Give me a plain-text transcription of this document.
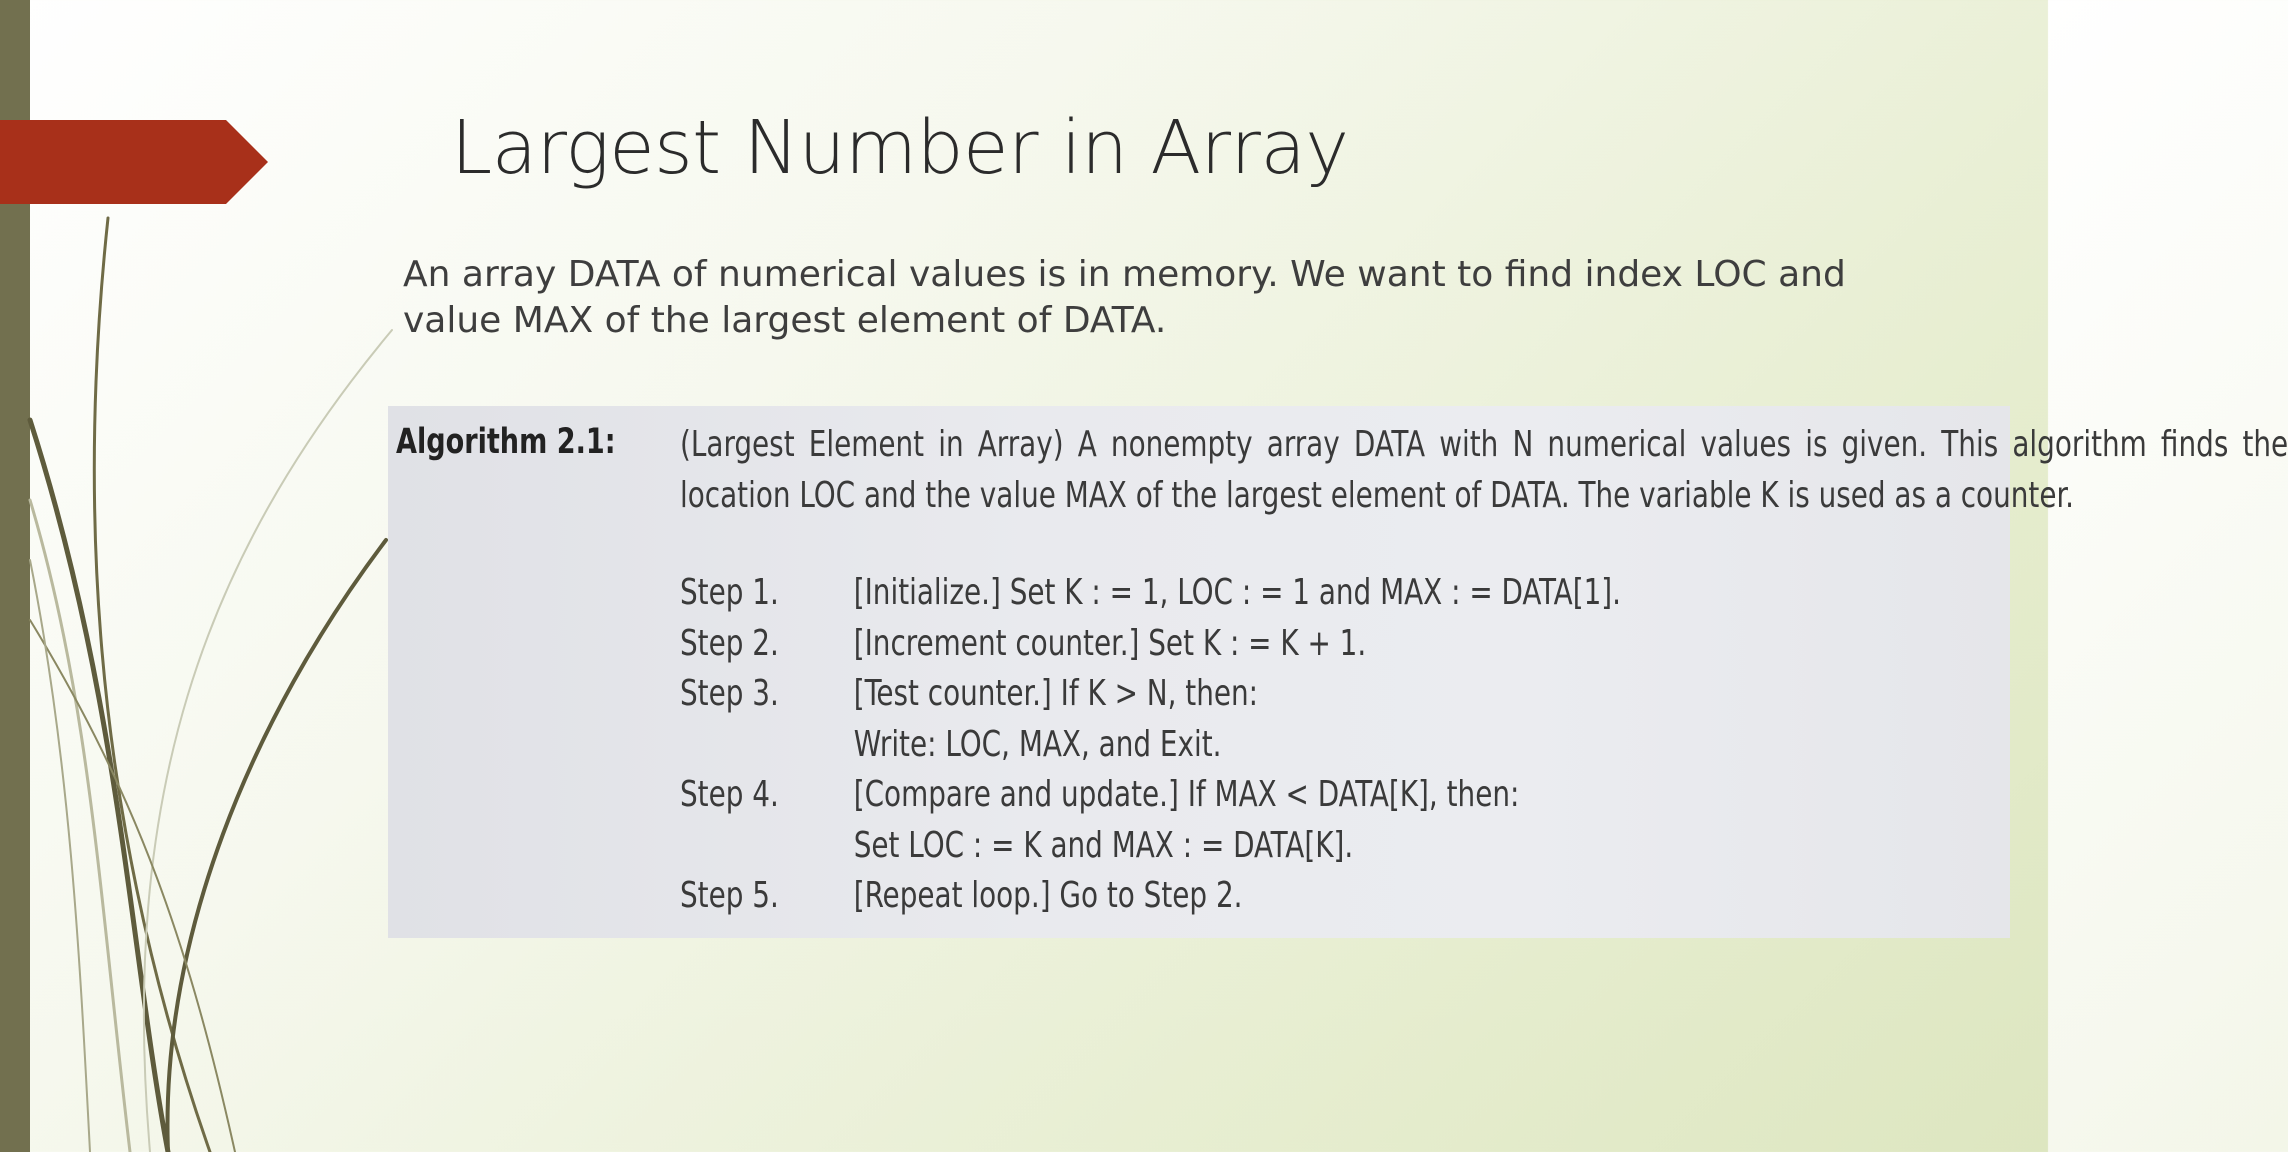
Largest Number in Array

An array DATA of numerical values is in memory. We want to find index LOC and value MAX of the largest element of DATA.

Algorithm 2.1: (Largest Element in Array) A nonempty array DATA with N numerical values is given. This algorithm finds the location LOC and the value MAX of the largest element of DATA. The variable K is used as a counter.
Step 1. [Initialize.] Set K : = 1, LOC : = 1 and MAX : = DATA[1].
Step 2. [Increment counter.] Set K : = K + 1.
Step 3. [Test counter.] If K > N, then:
Write: LOC, MAX, and Exit.
Step 4. [Compare and update.] If MAX < DATA[K], then:
Set LOC : = K and MAX : = DATA[K].
Step 5. [Repeat loop.] Go to Step 2.
